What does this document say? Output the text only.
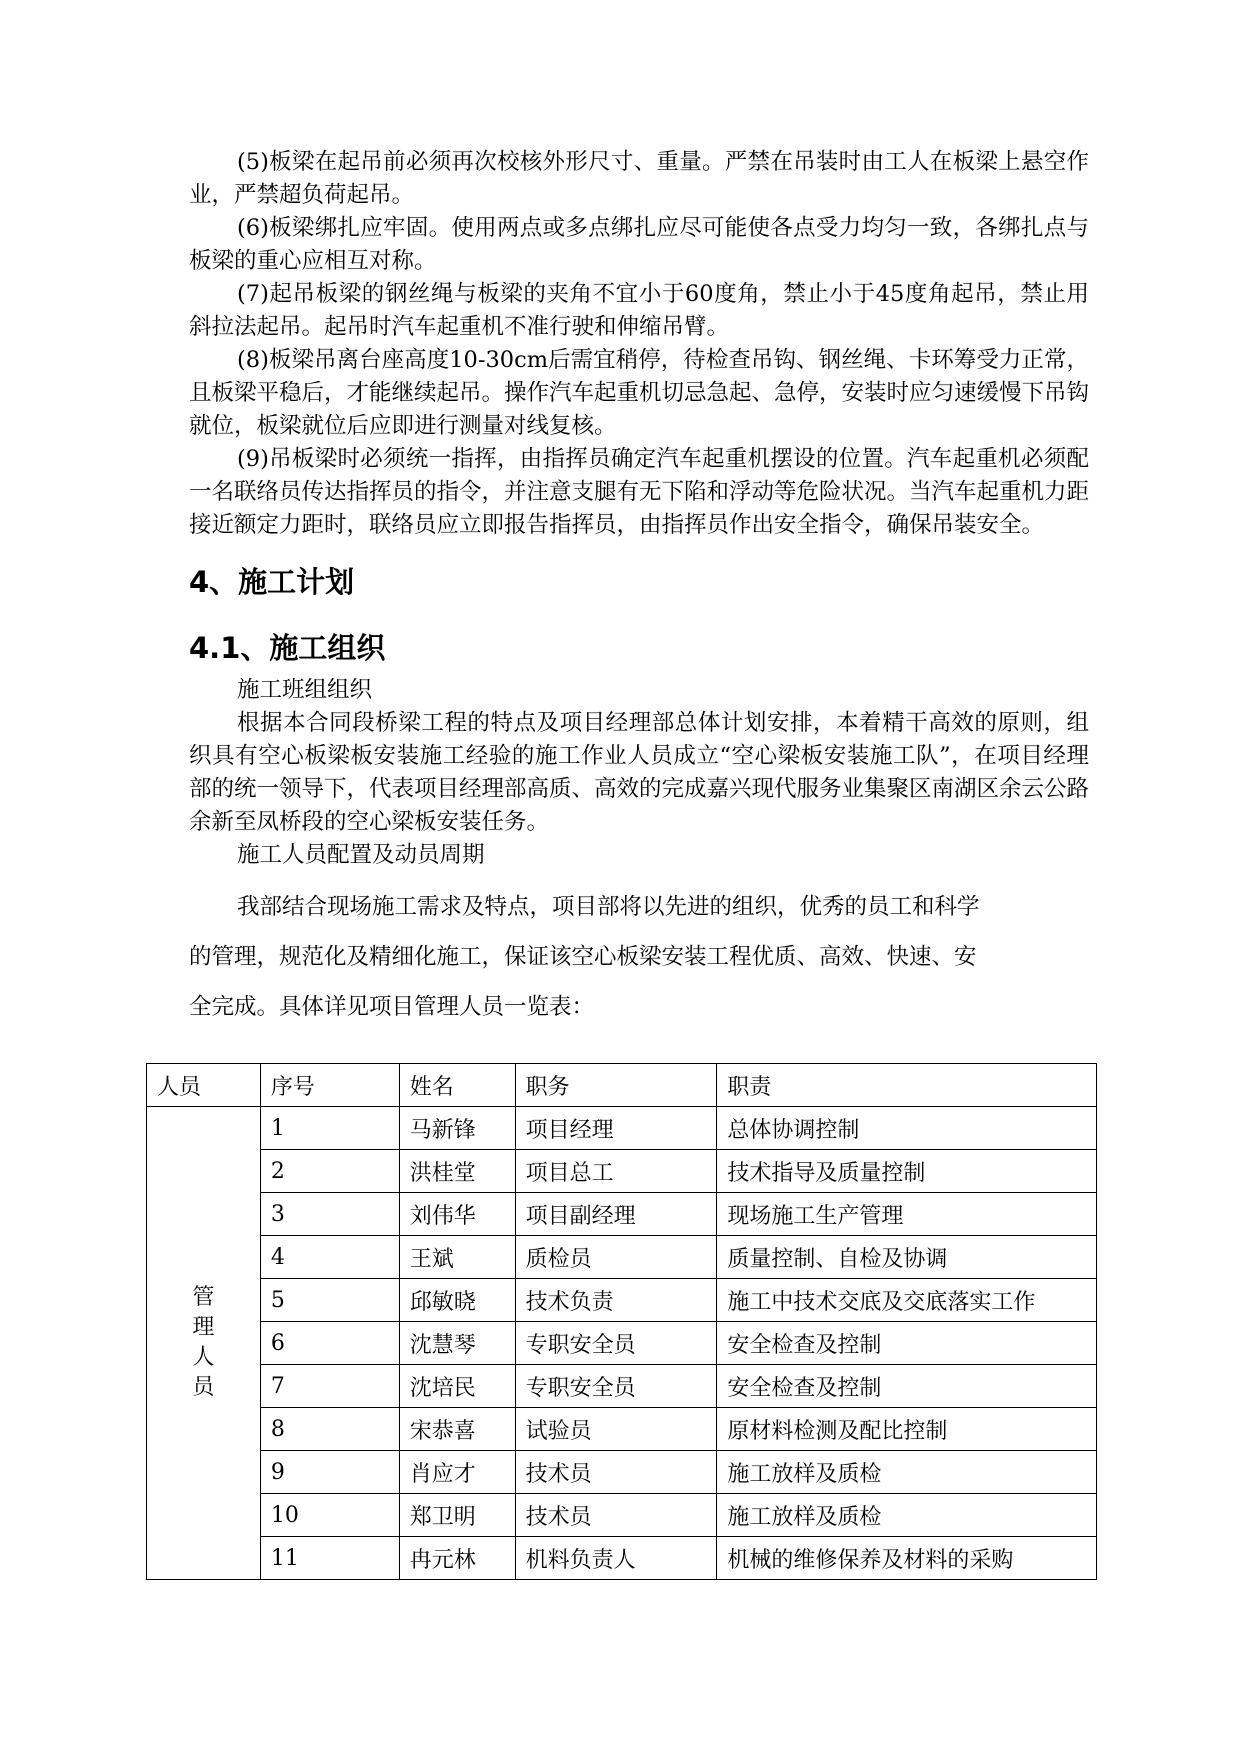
(5)板梁在起吊前必须再次校核外形尺寸、重量。严禁在吊装时由工人在板梁上悬空作业，严禁超负荷起吊。

(6)板梁绑扎应牢固。使用两点或多点绑扎应尽可能使各点受力均匀一致，各绑扎点与板梁的重心应相互对称。

(7)起吊板梁的钢丝绳与板梁的夹角不宜小于60度角，禁止小于45度角起吊，禁止用斜拉法起吊。起吊时汽车起重机不准行驶和伸缩吊臂。

(8)板梁吊离台座高度10-30cm后需宜稍停，待检查吊钩、钢丝绳、卡环筹受力正常，且板梁平稳后，才能继续起吊。操作汽车起重机切忌急起、急停，安装时应匀速缓慢下吊钩就位，板梁就位后应即进行测量对线复核。

(9)吊板梁时必须统一指挥，由指挥员确定汽车起重机摆设的位置。汽车起重机必须配一名联络员传达指挥员的指令，并注意支腿有无下陷和浮动等危险状况。当汽车起重机力距接近额定力距时，联络员应立即报告指挥员，由指挥员作出安全指令，确保吊装安全。

4、施工计划
4.1、施工组织

施工班组组织

根据本合同段桥梁工程的特点及项目经理部总体计划安排，本着精干高效的原则，组织具有空心板梁板安装施工经验的施工作业人员成立“空心梁板安装施工队”，在项目经理部的统一领导下，代表项目经理部高质、高效的完成嘉兴现代服务业集聚区南湖区余云公路余新至凤桥段的空心梁板安装任务。

施工人员配置及动员周期

我部结合现场施工需求及特点，项目部将以先进的组织，优秀的员工和科学

的管理，规范化及精细化施工，保证该空心板梁安装工程优质、高效、快速、安

全完成。具体详见项目管理人员一览表：

人员	序号	姓名	职务	职责
管理人员	1	马新锋	项目经理	总体协调控制
	2	洪桂堂	项目总工	技术指导及质量控制
	3	刘伟华	项目副经理	现场施工生产管理
	4	王斌	质检员	质量控制、自检及协调
	5	邱敏晓	技术负责	施工中技术交底及交底落实工作
	6	沈慧琴	专职安全员	安全检查及控制
	7	沈培民	专职安全员	安全检查及控制
	8	宋恭喜	试验员	原材料检测及配比控制
	9	肖应才	技术员	施工放样及质检
	10	郑卫明	技术员	施工放样及质检
	11	冉元林	机料负责人	机械的维修保养及材料的采购
